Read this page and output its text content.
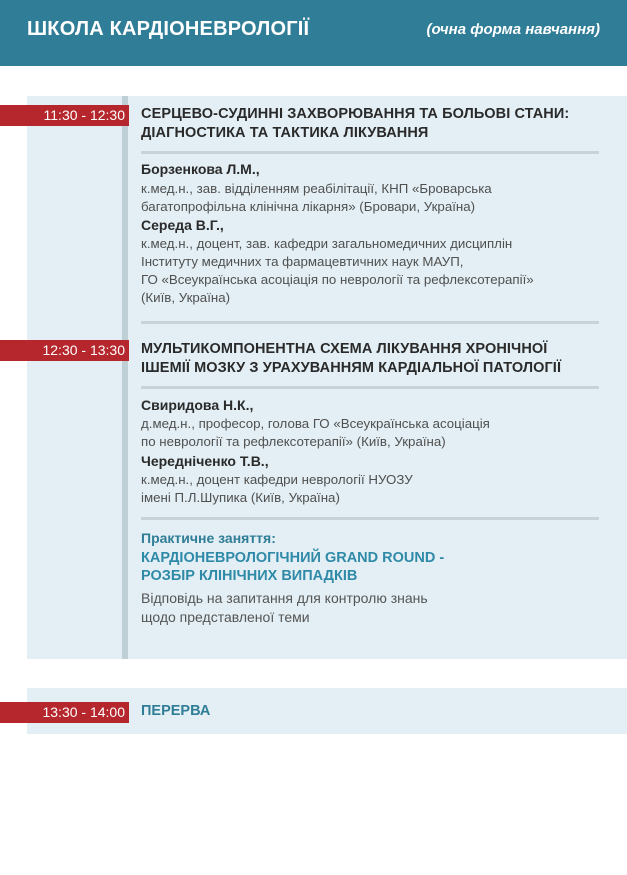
ШКОЛА КАРДІОНЕВРОЛОГІЇ	(очна форма навчання)
11:30 - 12:30 СЕРЦЕВО-СУДИННІ ЗАХВОРЮВАННЯ ТА БОЛЬОВІ СТАНИ:
ДІАГНОСТИКА ТА ТАКТИКА ЛІКУВАННЯ
Борзенкова Л.М.,
к.мед.н., зав. відділенням реабілітації, КНП «Броварська
багатопрофільна клінічна лікарня» (Бровари, Україна)
Середа В.Г.,
к.мед.н., доцент, зав. кафедри загальномедичних дисциплін
Інституту медичних та фармацевтичних наук МАУП,
ГО «Всеукраїнська асоціація по неврології та рефлексотерапії»
(Київ, Україна)
12:30 - 13:30 МУЛЬТИКОМПОНЕНТНА СХЕМА ЛІКУВАННЯ ХРОНІЧНОЇ
ІШЕМІЇ МОЗКУ З УРАХУВАННЯМ КАРДІАЛЬНОЇ ПАТОЛОГІЇ
Свиридова Н.К.,
д.мед.н., професор, голова ГО «Всеукраїнська асоціація
по неврології та рефлексотерапії» (Київ, Україна)
Чередніченко Т.В.,
к.мед.н., доцент кафедри неврології НУОЗУ
імені П.Л.Шупика (Київ, Україна)
Практичне заняття:
КАРДІОНЕВРОЛОГІЧНИЙ GRAND ROUND -
РОЗБІР КЛІНІЧНИХ ВИПАДКІВ
Відповідь на запитання для контролю знань
щодо представленої теми
13:30 - 14:00 ПЕРЕРВА
